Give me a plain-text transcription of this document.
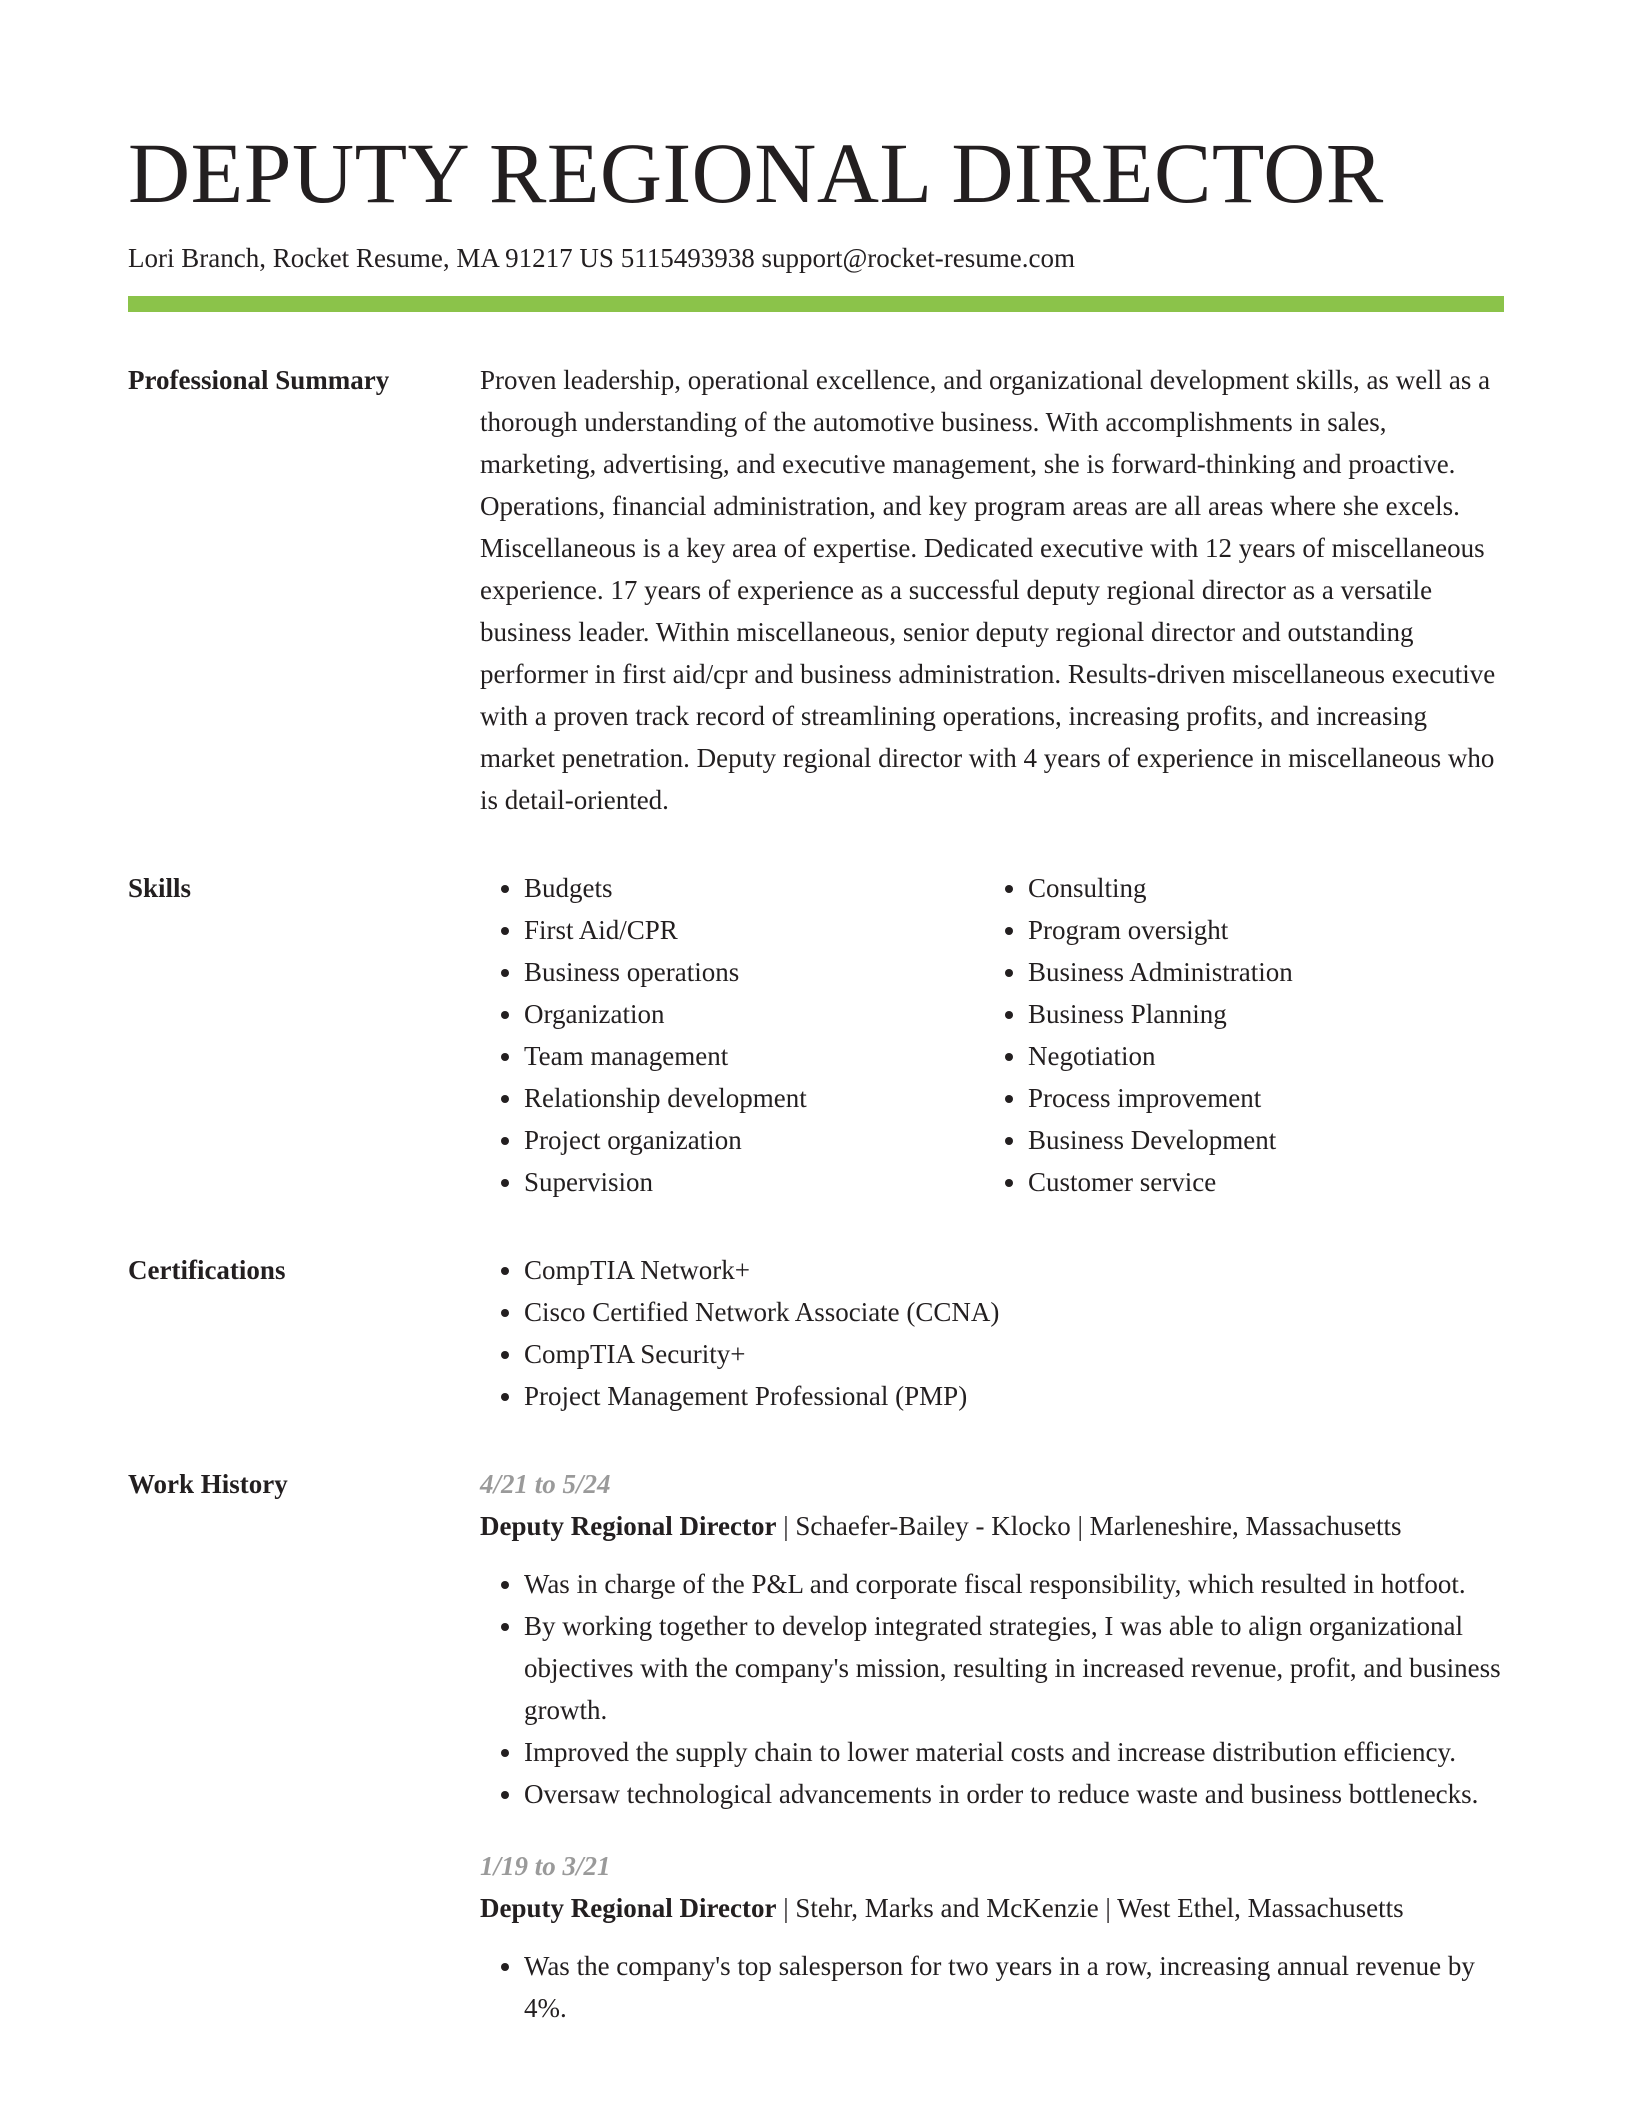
DEPUTY REGIONAL DIRECTOR
Lori Branch, Rocket Resume, MA 91217 US 5115493938 support@rocket-resume.com
Professional Summary	Proven leadership, operational excellence, and organizational development skills, as well as a thorough understanding of the automotive business. With accomplishments in sales, marketing, advertising, and executive management, she is forward-thinking and proactive. Operations, financial administration, and key program areas are all areas where she excels. Miscellaneous is a key area of expertise. Dedicated executive with 12 years of miscellaneous experience. 17 years of experience as a successful deputy regional director as a versatile business leader. Within miscellaneous, senior deputy regional director and outstanding performer in first aid/cpr and business administration. Results-driven miscellaneous executive with a proven track record of streamlining operations, increasing profits, and increasing market penetration. Deputy regional director with 4 years of experience in miscellaneous who is detail-oriented.

Skills	• Budgets
• First Aid/CPR
• Business operations
• Organization
• Team management
• Relationship development
• Project organization
• Supervision
• Consulting
• Program oversight
• Business Administration
• Business Planning
• Negotiation
• Process improvement
• Business Development
• Customer service
Certifications	• CompTIA Network+
• Cisco Certified Network Associate (CCNA)
• CompTIA Security+
• Project Management Professional (PMP)
Work History	4/21 to 5/24
Deputy Regional Director | Schaefer-Bailey - Klocko | Marleneshire, Massachusetts
• Was in charge of the P&L and corporate fiscal responsibility, which resulted in hotfoot.
• By working together to develop integrated strategies, I was able to align organizational objectives with the company's mission, resulting in increased revenue, profit, and business growth.
• Improved the supply chain to lower material costs and increase distribution efficiency.
• Oversaw technological advancements in order to reduce waste and business bottlenecks.
1/19 to 3/21
Deputy Regional Director | Stehr, Marks and McKenzie | West Ethel, Massachusetts
• Was the company's top salesperson for two years in a row, increasing annual revenue by 4%.
